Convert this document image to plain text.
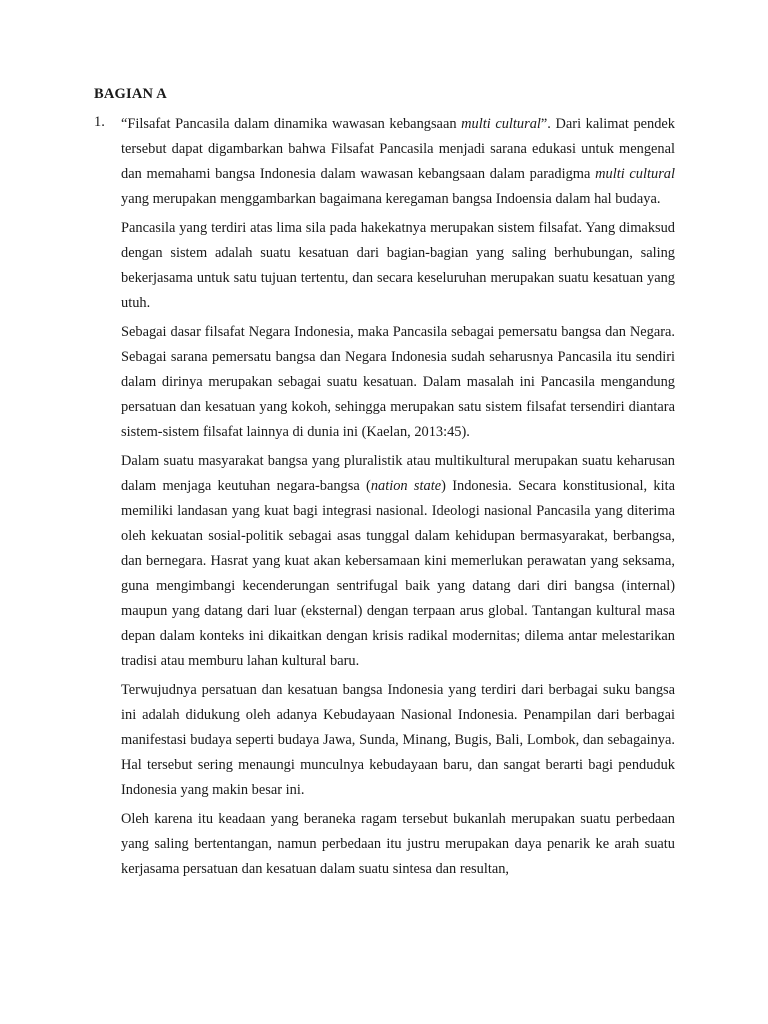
BAGIAN A
1. “Filsafat Pancasila dalam dinamika wawasan kebangsaan multi cultural”. Dari kalimat pendek tersebut dapat digambarkan bahwa Filsafat Pancasila menjadi sarana edukasi untuk mengenal dan memahami bangsa Indonesia dalam wawasan kebangsaan dalam paradigma multi cultural yang merupakan menggambarkan bagaimana keregaman bangsa Indoensia dalam hal budaya.

Pancasila yang terdiri atas lima sila pada hakekatnya merupakan sistem filsafat. Yang dimaksud dengan sistem adalah suatu kesatuan dari bagian-bagian yang saling berhubungan, saling bekerjasama untuk satu tujuan tertentu, dan secara keseluruhan merupakan suatu kesatuan yang utuh.

Sebagai dasar filsafat Negara Indonesia, maka Pancasila sebagai pemersatu bangsa dan Negara. Sebagai sarana pemersatu bangsa dan Negara Indonesia sudah seharusnya Pancasila itu sendiri dalam dirinya merupakan sebagai suatu kesatuan. Dalam masalah ini Pancasila mengandung persatuan dan kesatuan yang kokoh, sehingga merupakan satu sistem filsafat tersendiri diantara sistem-sistem filsafat lainnya di dunia ini (Kaelan, 2013:45).

Dalam suatu masyarakat bangsa yang pluralistik atau multikultural merupakan suatu keharusan dalam menjaga keutuhan negara-bangsa (nation state) Indonesia. Secara konstitusional, kita memiliki landasan yang kuat bagi integrasi nasional. Ideologi nasional Pancasila yang diterima oleh kekuatan sosial-politik sebagai asas tunggal dalam kehidupan bermasyarakat, berbangsa, dan bernegara. Hasrat yang kuat akan kebersamaan kini memerlukan perawatan yang seksama, guna mengimbangi kecenderungan sentrifugal baik yang datang dari diri bangsa (internal) maupun yang datang dari luar (eksternal) dengan terpaan arus global. Tantangan kultural masa depan dalam konteks ini dikaitkan dengan krisis radikal modernitas; dilema antar melestarikan tradisi atau memburu lahan kultural baru.

Terwujudnya persatuan dan kesatuan bangsa Indonesia yang terdiri dari berbagai suku bangsa ini adalah didukung oleh adanya Kebudayaan Nasional Indonesia. Penampilan dari berbagai manifestasi budaya seperti budaya Jawa, Sunda, Minang, Bugis, Bali, Lombok, dan sebagainya. Hal tersebut sering menaungi munculnya kebudayaan baru, dan sangat berarti bagi penduduk Indonesia yang makin besar ini.

Oleh karena itu keadaan yang beraneka ragam tersebut bukanlah merupakan suatu perbedaan yang saling bertentangan, namun perbedaan itu justru merupakan daya penarik ke arah suatu kerjasama persatuan dan kesatuan dalam suatu sintesa dan resultan,
